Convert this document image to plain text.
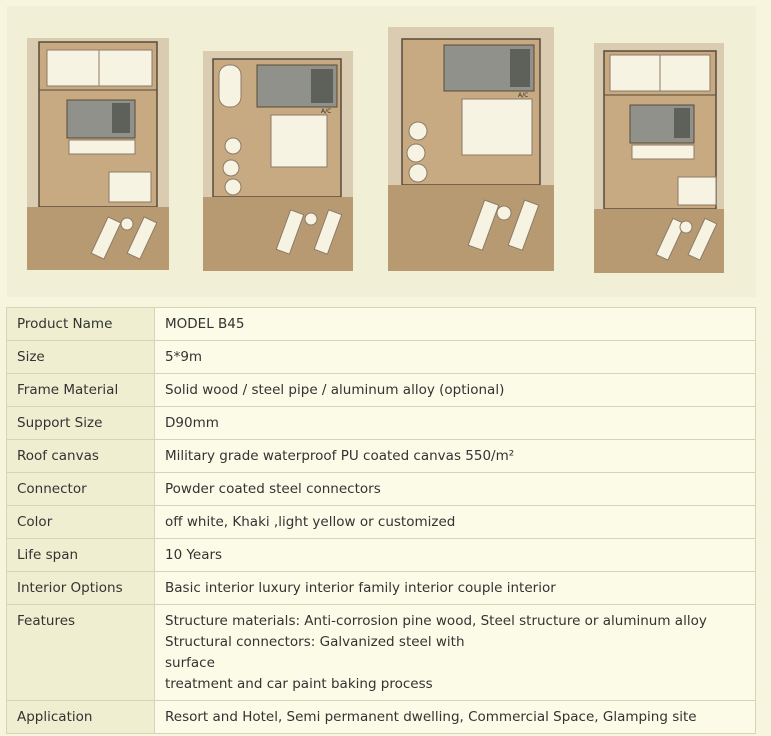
A/C
A/C
Product Name	MODEL B45
Size	5*9m
Frame Material	Solid wood / steel pipe / aluminum alloy (optional)
Support Size	D90mm
Roof canvas	Military grade waterproof PU coated canvas 550/m²
Connector	Powder coated steel connectors
Color	off white, Khaki ,light yellow or customized
Life span	10 Years
Interior Options	Basic interior luxury interior family interior couple interior
Features	Structure materials: Anti-corrosion pine wood, Steel structure or aluminum alloy Structural connectors: Galvanized steel with
surface
treatment and car paint baking process

Application	Resort and Hotel, Semi permanent dwelling, Commercial Space, Glamping site
